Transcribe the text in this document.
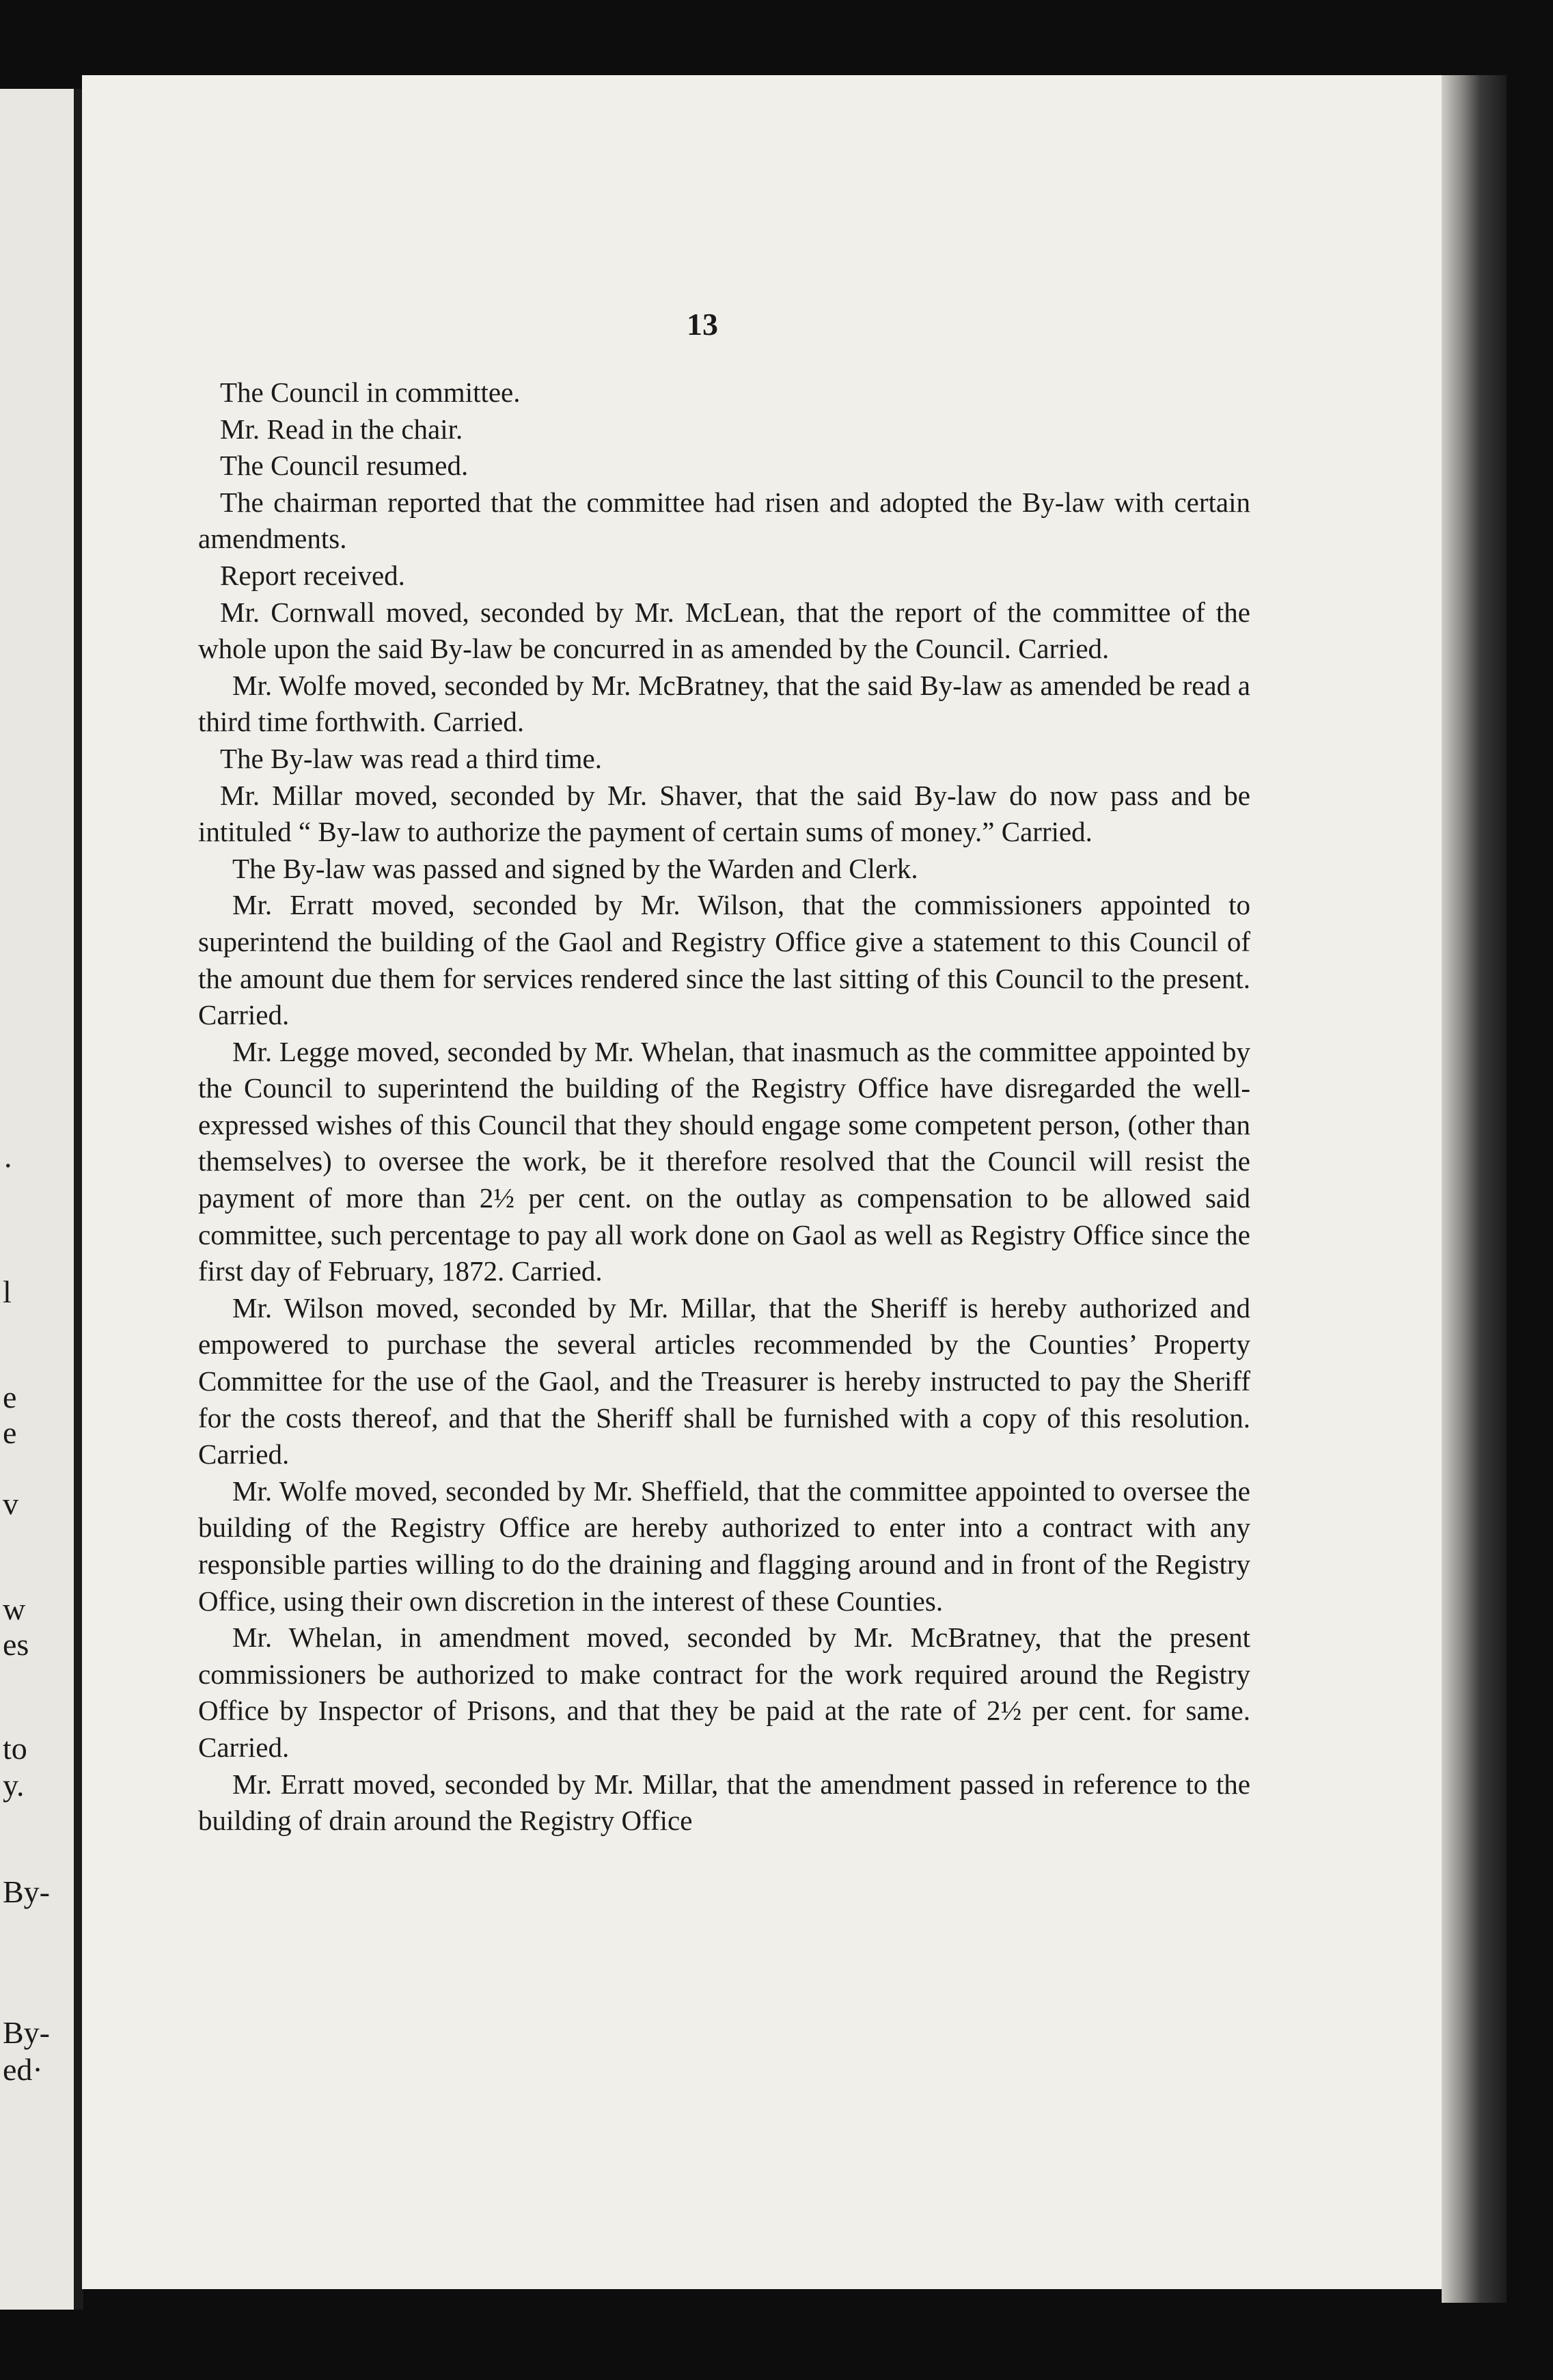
.
l
e
e
v
w
es
to
y.
By-
By-
ed·
13

The Council in committee.

Mr. Read in the chair.

The Council resumed.

The chairman reported that the committee had risen and adopted the By-law with certain amendments.

Report received.

Mr. Cornwall moved, seconded by Mr. McLean, that the report of the committee of the whole upon the said By-law be concurred in as amended by the Council. Carried.

Mr. Wolfe moved, seconded by Mr. McBratney, that the said By-law as amended be read a third time forthwith. Carried.

The By-law was read a third time.

Mr. Millar moved, seconded by Mr. Shaver, that the said By-law do now pass and be intituled “ By-law to authorize the payment of certain sums of money.” Carried.

The By-law was passed and signed by the Warden and Clerk.

Mr. Erratt moved, seconded by Mr. Wilson, that the commissioners appointed to superintend the building of the Gaol and Registry Office give a statement to this Council of the amount due them for services rendered since the last sitting of this Council to the present. Carried.

Mr. Legge moved, seconded by Mr. Whelan, that inasmuch as the committee appointed by the Council to superintend the building of the Registry Office have disregarded the well-expressed wishes of this Council that they should engage some competent person, (other than themselves) to oversee the work, be it therefore resolved that the Council will resist the payment of more than 2½ per cent. on the outlay as compensation to be allowed said committee, such percentage to pay all work done on Gaol as well as Registry Office since the first day of February, 1872. Carried.

Mr. Wilson moved, seconded by Mr. Millar, that the Sheriff is hereby authorized and empowered to purchase the several articles recommended by the Counties’ Property Committee for the use of the Gaol, and the Treasurer is hereby instructed to pay the Sheriff for the costs thereof, and that the Sheriff shall be furnished with a copy of this resolution. Carried.

Mr. Wolfe moved, seconded by Mr. Sheffield, that the committee appointed to oversee the building of the Registry Office are hereby authorized to enter into a contract with any responsible parties willing to do the draining and flagging around and in front of the Registry Office, using their own discretion in the interest of these Counties.

Mr. Whelan, in amendment moved, seconded by Mr. McBratney, that the present commissioners be authorized to make contract for the work required around the Registry Office by Inspector of Prisons, and that they be paid at the rate of 2½ per cent. for same. Carried.

Mr. Erratt moved, seconded by Mr. Millar, that the amendment passed in reference to the building of drain around the Registry Office
